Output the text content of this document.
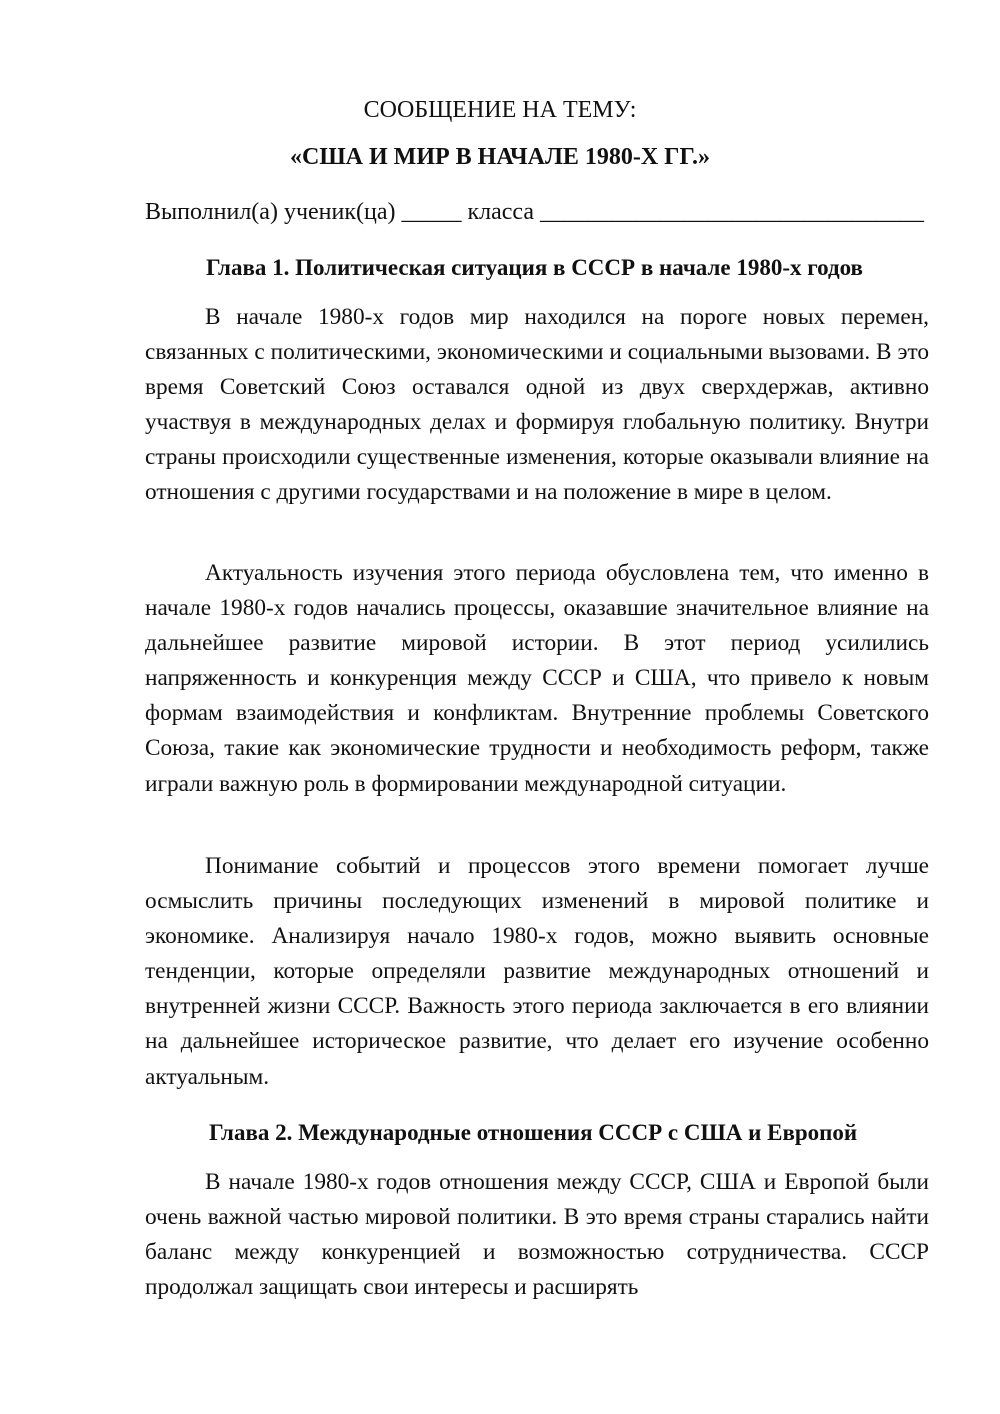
СООБЩЕНИЕ НА ТЕМУ:
«США И МИР В НАЧАЛЕ 1980-Х ГГ.»
Выполнил(а) ученик(ца) _____ класса ________________________________
Глава 1. Политическая ситуация в СССР в начале 1980-х годов

В начале 1980-х годов мир находился на пороге новых перемен, связанных с политическими, экономическими и социальными вызовами. В это время Советский Союз оставался одной из двух сверхдержав, активно участвуя в международных делах и формируя глобальную политику. Внутри страны происходили существенные изменения, которые оказывали влияние на отношения с другими государствами и на положение в мире в целом.

Актуальность изучения этого периода обусловлена тем, что именно в начале 1980-х годов начались процессы, оказавшие значительное влияние на дальнейшее развитие мировой истории. В этот период усилились напряженность и конкуренция между СССР и США, что привело к новым формам взаимодействия и конфликтам. Внутренние проблемы Советского Союза, такие как экономические трудности и необходимость реформ, также играли важную роль в формировании международной ситуации.

Понимание событий и процессов этого времени помогает лучше осмыслить причины последующих изменений в мировой политике и экономике. Анализируя начало 1980-х годов, можно выявить основные тенденции, которые определяли развитие международных отношений и внутренней жизни СССР. Важность этого периода заключается в его влиянии на дальнейшее историческое развитие, что делает его изучение особенно актуальным.

Глава 2. Международные отношения СССР с США и Европой

В начале 1980-х годов отношения между СССР, США и Европой были очень важной частью мировой политики. В это время страны старались найти баланс между конкуренцией и возможностью сотрудничества. СССР продолжал защищать свои интересы и расширять
